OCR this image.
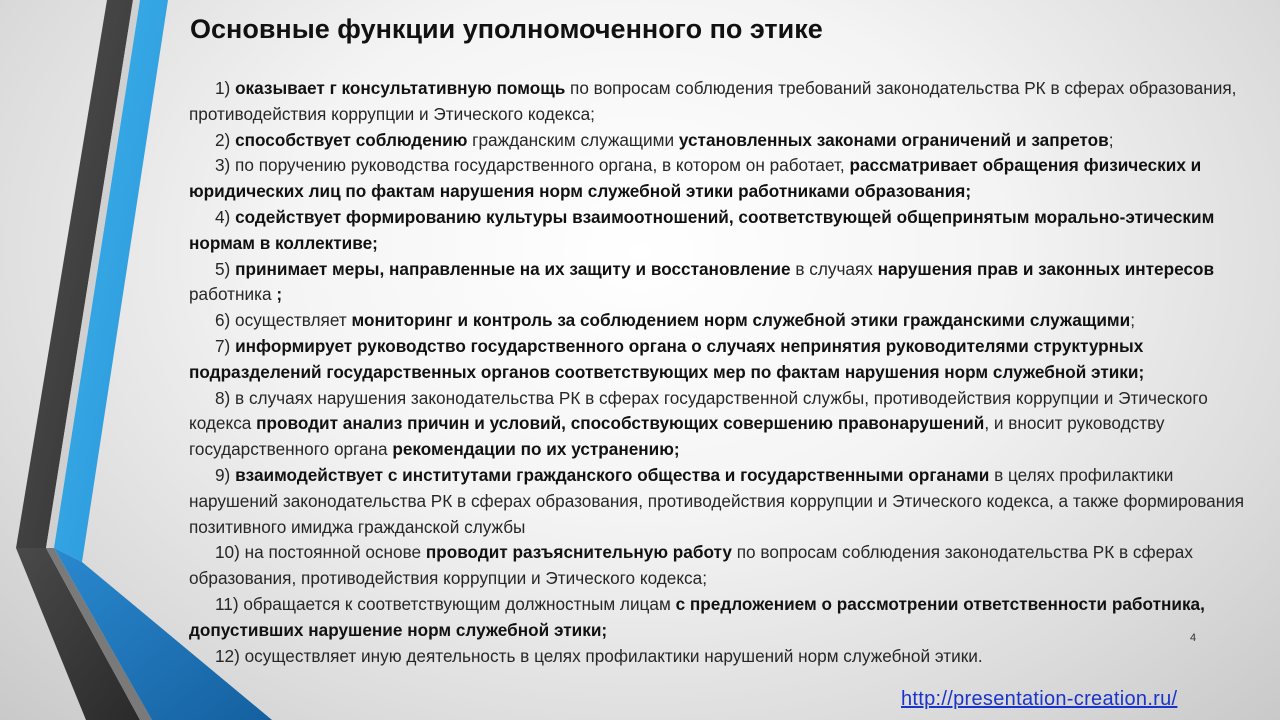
Основные функции уполномоченного по этике

1) оказывает г консультативную помощь по вопросам соблюдения требований законодательства РК в сферах образования, противодействия коррупции и Этического кодекса;

2) способствует соблюдению гражданским служащими установленных законами ограничений и запретов;

3) по поручению руководства государственного органа, в котором он работает, рассматривает обращения физических и юридических лиц по фактам нарушения норм служебной этики работниками образования;

4) содействует формированию культуры взаимоотношений, соответствующей общепринятым морально-этическим нормам в коллективе;

5) принимает меры, направленные на их защиту и восстановление в случаях нарушения прав и законных интересов работника ;

6) осуществляет мониторинг и контроль за соблюдением норм служебной этики гражданскими служащими;

7) информирует руководство государственного органа о случаях непринятия руководителями структурных подразделений государственных органов соответствующих мер по фактам нарушения норм служебной этики;

8) в случаях нарушения законодательства РК в сферах государственной службы, противодействия коррупции и Этического кодекса проводит анализ причин и условий, способствующих совершению правонарушений, и вносит руководству государственного органа рекомендации по их устранению;

9) взаимодействует с институтами гражданского общества и государственными органами в целях профилактики нарушений законодательства РК в сферах образования, противодействия коррупции и Этического кодекса, а также формирования позитивного имиджа гражданской службы

10) на постоянной основе проводит разъяснительную работу по вопросам соблюдения законодательства РК в сферах образования, противодействия коррупции и Этического кодекса;

11) обращается к соответствующим должностным лицам с предложением о рассмотрении ответственности работника, допустивших нарушение норм служебной этики;

12) осуществляет иную деятельность в целях профилактики нарушений норм служебной этики.

4
http://presentation-creation.ru/
